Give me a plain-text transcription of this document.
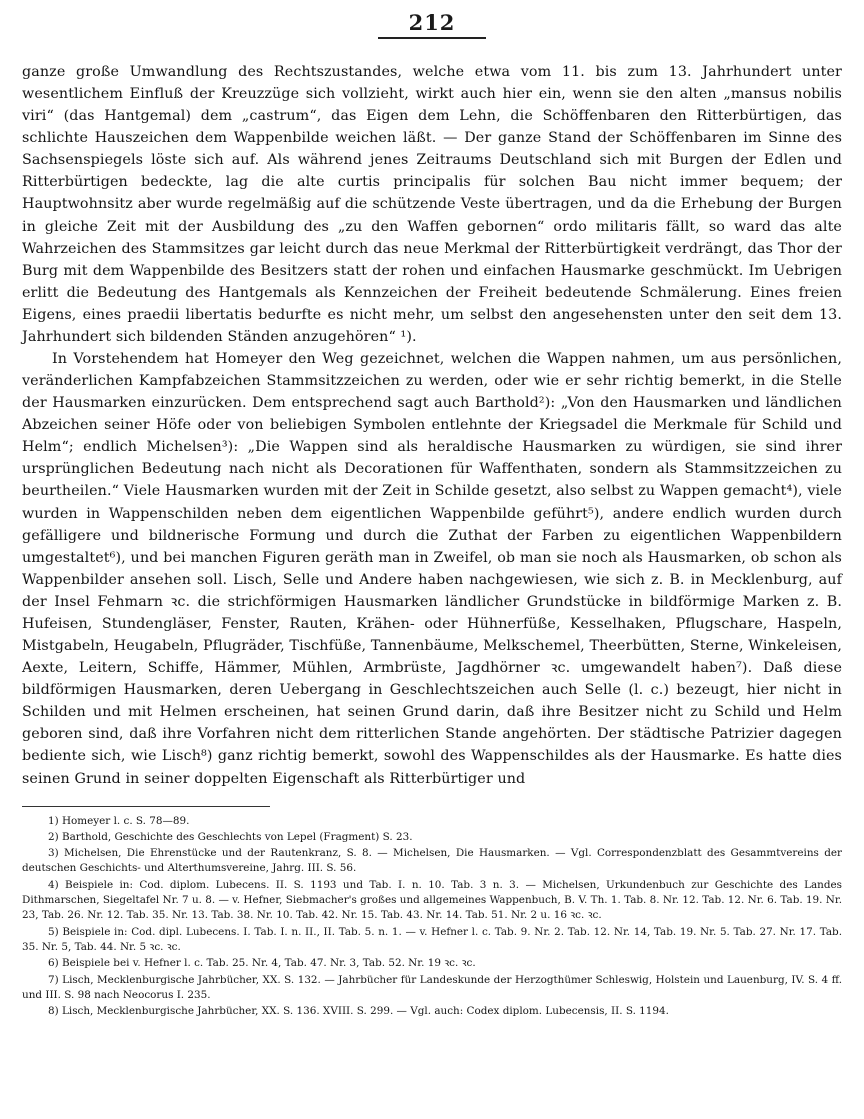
212

ganze große Umwandlung des Rechtszustandes, welche etwa vom 11. bis zum 13. Jahrhundert unter wesentlichem Einfluß der Kreuzzüge sich vollzieht, wirkt auch hier ein, wenn sie den alten „mansus nobilis viri“ (das Hantgemal) dem „castrum“, das Eigen dem Lehn, die Schöffenbaren den Ritterbürtigen, das schlichte Hauszeichen dem Wappenbilde weichen läßt. — Der ganze Stand der Schöffenbaren im Sinne des Sachsenspiegels löste sich auf. Als während jenes Zeitraums Deutschland sich mit Burgen der Edlen und Ritterbürtigen bedeckte, lag die alte curtis principalis für solchen Bau nicht immer bequem; der Hauptwohnsitz aber wurde regelmäßig auf die schützende Veste übertragen, und da die Erhebung der Burgen in gleiche Zeit mit der Ausbildung des „zu den Waffen gebornen“ ordo militaris fällt, so ward das alte Wahrzeichen des Stammsitzes gar leicht durch das neue Merkmal der Ritterbürtigkeit verdrängt, das Thor der Burg mit dem Wappenbilde des Besitzers statt der rohen und einfachen Hausmarke geschmückt. Im Uebrigen erlitt die Bedeutung des Hantgemals als Kennzeichen der Freiheit bedeutende Schmälerung. Eines freien Eigens, eines praedii libertatis bedurfte es nicht mehr, um selbst den angesehensten unter den seit dem 13. Jahrhundert sich bildenden Ständen anzugehören“ ¹).

In Vorstehendem hat Homeyer den Weg gezeichnet, welchen die Wappen nahmen, um aus persönlichen, veränderlichen Kampfabzeichen Stammsitzzeichen zu werden, oder wie er sehr richtig bemerkt, in die Stelle der Hausmarken einzurücken. Dem entsprechend sagt auch Barthold²): „Von den Hausmarken und ländlichen Abzeichen seiner Höfe oder von beliebigen Symbolen entlehnte der Kriegsadel die Merkmale für Schild und Helm“; endlich Michelsen³): „Die Wappen sind als heraldische Hausmarken zu würdigen, sie sind ihrer ursprünglichen Bedeutung nach nicht als Decorationen für Waffenthaten, sondern als Stammsitzzeichen zu beurtheilen.“ Viele Hausmarken wurden mit der Zeit in Schilde gesetzt, also selbst zu Wappen gemacht⁴), viele wurden in Wappenschilden neben dem eigentlichen Wappenbilde geführt⁵), andere endlich wurden durch gefälligere und bildnerische Formung und durch die Zuthat der Farben zu eigentlichen Wappenbildern umgestaltet⁶), und bei manchen Figuren geräth man in Zweifel, ob man sie noch als Hausmarken, ob schon als Wappenbilder ansehen soll. Lisch, Selle und Andere haben nachgewiesen, wie sich z. B. in Mecklenburg, auf der Insel Fehmarn ꝛc. die strichförmigen Hausmarken ländlicher Grundstücke in bildförmige Marken z. B. Hufeisen, Stundengläser, Fenster, Rauten, Krähen- oder Hühnerfüße, Kesselhaken, Pflugschare, Haspeln, Mistgabeln, Heugabeln, Pflugräder, Tischfüße, Tannenbäume, Melkschemel, Theerbütten, Sterne, Winkeleisen, Aexte, Leitern, Schiffe, Hämmer, Mühlen, Armbrüste, Jagdhörner ꝛc. umgewandelt haben⁷). Daß diese bildförmigen Hausmarken, deren Uebergang in Geschlechtszeichen auch Selle (l. c.) bezeugt, hier nicht in Schilden und mit Helmen erscheinen, hat seinen Grund darin, daß ihre Besitzer nicht zu Schild und Helm geboren sind, daß ihre Vorfahren nicht dem ritterlichen Stande angehörten. Der städtische Patrizier dagegen bediente sich, wie Lisch⁸) ganz richtig bemerkt, sowohl des Wappenschildes als der Hausmarke. Es hatte dies seinen Grund in seiner doppelten Eigenschaft als Ritterbürtiger und

1) Homeyer l. c. S. 78—89.

2) Barthold, Geschichte des Geschlechts von Lepel (Fragment) S. 23.

3) Michelsen, Die Ehrenstücke und der Rautenkranz, S. 8. — Michelsen, Die Hausmarken. — Vgl. Correspondenzblatt des Gesammtvereins der deutschen Geschichts- und Alterthumsvereine, Jahrg. III. S. 56.

4) Beispiele in: Cod. diplom. Lubecens. II. S. 1193 und Tab. I. n. 10. Tab. 3 n. 3. — Michelsen, Urkundenbuch zur Geschichte des Landes Dithmarschen, Siegeltafel Nr. 7 u. 8. — v. Hefner, Siebmacher's großes und allgemeines Wappenbuch, B. V. Th. 1. Tab. 8. Nr. 12. Tab. 12. Nr. 6. Tab. 19. Nr. 23, Tab. 26. Nr. 12. Tab. 35. Nr. 13. Tab. 38. Nr. 10. Tab. 42. Nr. 15. Tab. 43. Nr. 14. Tab. 51. Nr. 2 u. 16 ꝛc. ꝛc.

5) Beispiele in: Cod. dipl. Lubecens. I. Tab. I. n. II., II. Tab. 5. n. 1. — v. Hefner l. c. Tab. 9. Nr. 2. Tab. 12. Nr. 14, Tab. 19. Nr. 5. Tab. 27. Nr. 17. Tab. 35. Nr. 5, Tab. 44. Nr. 5 ꝛc. ꝛc.

6) Beispiele bei v. Hefner l. c. Tab. 25. Nr. 4, Tab. 47. Nr. 3, Tab. 52. Nr. 19 ꝛc. ꝛc.

7) Lisch, Mecklenburgische Jahrbücher, XX. S. 132. — Jahrbücher für Landeskunde der Herzogthümer Schleswig, Holstein und Lauenburg, IV. S. 4 ff. und III. S. 98 nach Neocorus I. 235.

8) Lisch, Mecklenburgische Jahrbücher, XX. S. 136. XVIII. S. 299. — Vgl. auch: Codex diplom. Lubecensis, II. S. 1194.
